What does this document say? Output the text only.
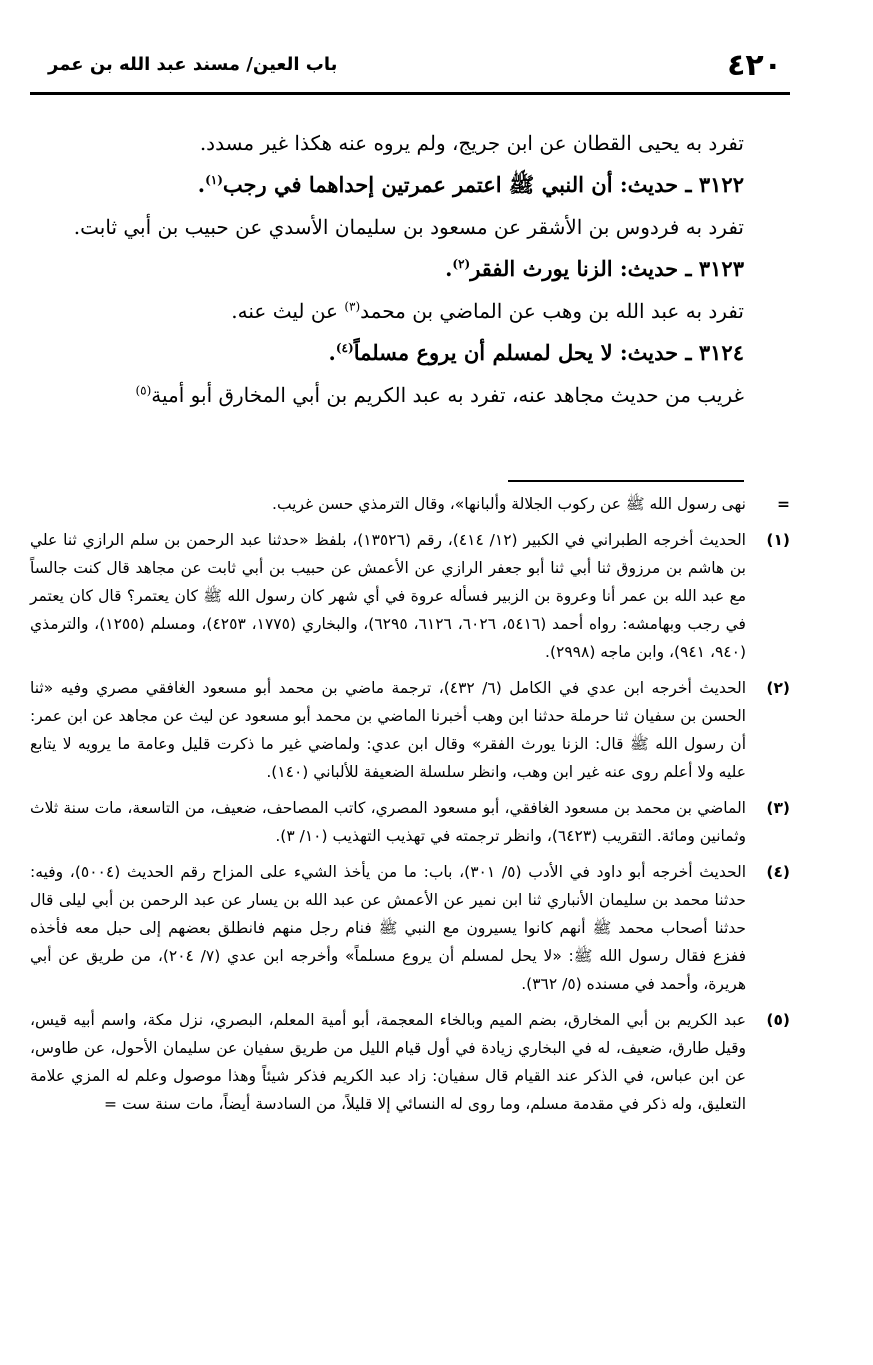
٤٢٠
باب العين/ مسند عبد الله بن عمر

تفرد به يحيى القطان عن ابن جريج، ولم يروه عنه هكذا غير مسدد.

٣١٢٢ ـ حديث: أن النبي ﷺ اعتمر عمرتين إحداهما في رجب$^{(١)}$.

تفرد به فردوس بن الأشقر عن مسعود بن سليمان الأسدي عن حبيب بن أبي ثابت.

٣١٢٣ ـ حديث: الزنا يورث الفقر$^{(٢)}$.

تفرد به عبد الله بن وهب عن الماضي بن محمد$^{(٣)}$ عن ليث عنه.

٣١٢٤ ـ حديث: لا يحل لمسلم أن يروع مسلماً$^{(٤)}$.

غريب من حديث مجاهد عنه، تفرد به عبد الكريم بن أبي المخارق أبو أمية$^{(٥)}$

=
نهى رسول الله ﷺ عن ركوب الجلالة وألبانها»، وقال الترمذي حسن غريب.

(١)
الحديث أخرجه الطبراني في الكبير (١٢/ ٤١٤)، رقم (١٣٥٢٦)، بلفظ «حدثنا عبد الرحمن بن سلم الرازي ثنا علي بن هاشم بن مرزوق ثنا أبي ثنا أبو جعفر الرازي عن الأعمش عن حبيب بن أبي ثابت عن مجاهد قال كنت جالساً مع عبد الله بن عمر أنا وعروة بن الزبير فسأله عروة في أي شهر كان رسول الله ﷺ كان يعتمر؟ قال كان يعتمر في رجب وبهامشه: رواه أحمد (٥٤١٦، ٦٠٢٦، ٦١٢٦، ٦٢٩٥)، والبخاري (١٧٧٥، ٤٢٥٣)، ومسلم (١٢٥٥)، والترمذي (٩٤٠، ٩٤١)، وابن ماجه (٢٩٩٨).

(٢)
الحديث أخرجه ابن عدي في الكامل (٦/ ٤٣٢)، ترجمة ماضي بن محمد أبو مسعود الغافقي مصري وفيه «ثنا الحسن بن سفيان ثنا حرملة حدثنا ابن وهب أخبرنا الماضي بن محمد أبو مسعود عن ليث عن مجاهد عن ابن عمر: أن رسول الله ﷺ قال: الزنا يورث الفقر» وقال ابن عدي: ولماضي غير ما ذكرت قليل وعامة ما يرويه لا يتابع عليه ولا أعلم روى عنه غير ابن وهب، وانظر سلسلة الضعيفة للألباني (١٤٠).

(٣)
الماضي بن محمد بن مسعود الغافقي، أبو مسعود المصري، كاتب المصاحف، ضعيف، من التاسعة، مات سنة ثلاث وثمانين ومائة. التقريب (٦٤٢٣)، وانظر ترجمته في تهذيب التهذيب (١٠/ ٣).

(٤)
الحديث أخرجه أبو داود في الأدب (٥/ ٣٠١)، باب: ما من يأخذ الشيء على المزاح رقم الحديث (٥٠٠٤)، وفيه: حدثنا محمد بن سليمان الأنباري ثنا ابن نمير عن الأعمش عن عبد الله بن يسار عن عبد الرحمن بن أبي ليلى قال حدثنا أصحاب محمد ﷺ أنهم كانوا يسيرون مع النبي ﷺ فنام رجل منهم فانطلق بعضهم إلى حبل معه فأخذه ففزع فقال رسول الله ﷺ: «لا يحل لمسلم أن يروع مسلماً» وأخرجه ابن عدي (٧/ ٢٠٤)، من طريق عن أبي هريرة، وأحمد في مسنده (٥/ ٣٦٢).

(٥)
عبد الكريم بن أبي المخارق، بضم الميم وبالخاء المعجمة، أبو أمية المعلم، البصري، نزل مكة، واسم أبيه قيس، وقيل طارق، ضعيف، له في البخاري زيادة في أول قيام الليل من طريق سفيان عن سليمان الأحول، عن طاوس، عن ابن عباس، في الذكر عند القيام قال سفيان: زاد عبد الكريم فذكر شيئاً وهذا موصول وعلم له المزي علامة التعليق، وله ذكر في مقدمة مسلم، وما روى له النسائي إلا قليلاً، من السادسة أيضاً، مات سنة ست =
